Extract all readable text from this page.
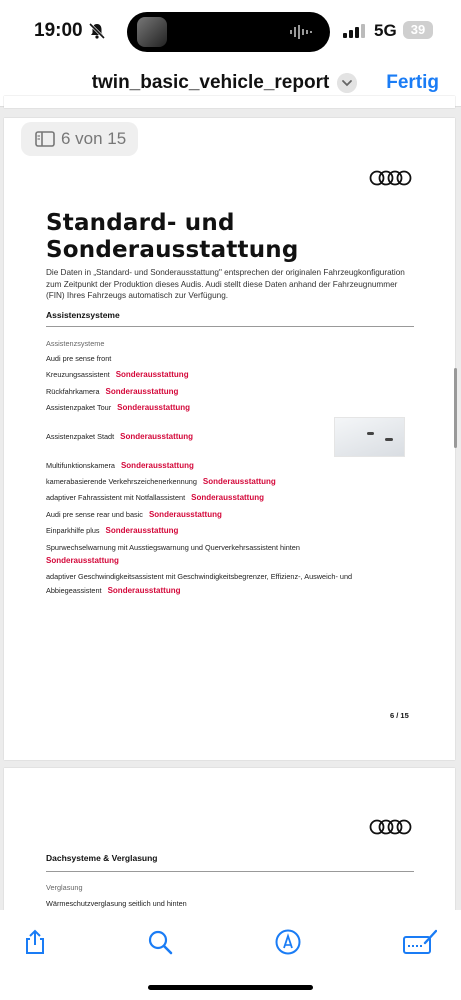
19:00	5G	39
twin_basic_vehicle_report	Fertig
6 von 15
Standard- und
Sonderausstattung
Die Daten in „Standard- und Sonderausstattung" entsprechen der originalen Fahrzeugkonfiguration zum Zeitpunkt der Produktion dieses Audis. Audi stellt diese Daten anhand der Fahrzeugnummer (FIN) Ihres Fahrzeugs automatisch zur Verfügung.
Assistenzsysteme
Assistenzsysteme
Audi pre sense front
Kreuzungsassistent Sonderausstattung
Rückfahrkamera Sonderausstattung
Assistenzpaket Tour Sonderausstattung
Assistenzpaket Stadt Sonderausstattung
Multifunktionskamera Sonderausstattung
kamerabasierende Verkehrszeichenerkennung Sonderausstattung
adaptiver Fahrassistent mit Notfallassistent Sonderausstattung
Audi pre sense rear und basic Sonderausstattung
Einparkhilfe plus Sonderausstattung
Spurwechselwarnung mit Ausstiegswarnung und Querverkehrsassistent hinten
Sonderausstattung
adaptiver Geschwindigkeitsassistent mit Geschwindigkeitsbegrenzer, Effizienz-, Ausweich- und Abbiegeassistent Sonderausstattung
6 / 15
Dachsysteme & Verglasung
Verglasung
Wärmeschutzverglasung seitlich und hinten
